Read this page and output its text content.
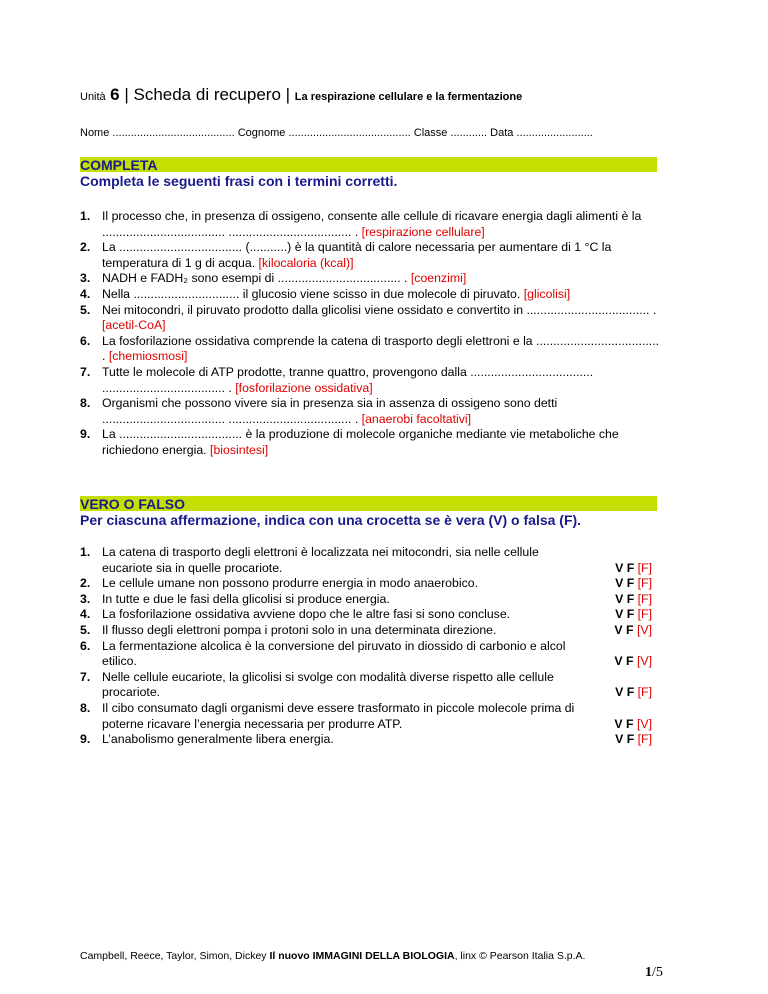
Unità 6 | Scheda di recupero | La respirazione cellulare e la fermentazione
Nome ........................................ Cognome ........................................ Classe ............ Data .........................
COMPLETA
Completa le seguenti frasi con i termini corretti.
1. Il processo che, in presenza di ossigeno, consente alle cellule di ricavare energia dagli alimenti è la .................................... .................................... . [respirazione cellulare]
2. La .................................... (...........) è la quantità di calore necessaria per aumentare di 1 °C la temperatura di 1 g di acqua. [kilocaloria (kcal)]
3. NADH e FADH₂ sono esempi di .................................... . [coenzimi]
4. Nella ............................... il glucosio viene scisso in due molecole di piruvato. [glicolisi]
5. Nei mitocondri, il piruvato prodotto dalla glicolisi viene ossidato e convertito in .................................... . [acetil-CoA]
6. La fosforilazione ossidativa comprende la catena di trasporto degli elettroni e la .................................... . [chemiosmosi]
7. Tutte le molecole di ATP prodotte, tranne quattro, provengono dalla .................................... .................................... . [fosforilazione ossidativa]
8. Organismi che possono vivere sia in presenza sia in assenza di ossigeno sono detti .................................... .................................... . [anaerobi facoltativi]
9. La .................................... è la produzione di molecole organiche mediante vie metaboliche che richiedono energia. [biosintesi]
VERO O FALSO
Per ciascuna affermazione, indica con una crocetta se è vera (V) o falsa (F).
1. La catena di trasporto degli elettroni è localizzata nei mitocondri, sia nelle cellule eucariote sia in quelle procariote.	V F [F]
2. Le cellule umane non possono produrre energia in modo anaerobico.	V F [F]
3. In tutte e due le fasi della glicolisi si produce energia.	V F [F]
4. La fosforilazione ossidativa avviene dopo che le altre fasi si sono concluse.	V F [F]
5. Il flusso degli elettroni pompa i protoni solo in una determinata direzione.	V F [V]
6. La fermentazione alcolica è la conversione del piruvato in diossido di carbonio e alcol etilico.	V F [V]
7. Nelle cellule eucariote, la glicolisi si svolge con modalità diverse rispetto alle cellule procariote.	V F [F]
8. Il cibo consumato dagli organismi deve essere trasformato in piccole molecole prima di poterne ricavare l’energia necessaria per produrre ATP.	V F [V]
9. L’anabolismo generalmente libera energia.	V F [F]
Campbell, Reece, Taylor, Simon, Dickey Il nuovo IMMAGINI DELLA BIOLOGIA, linx © Pearson Italia S.p.A.
1/5
